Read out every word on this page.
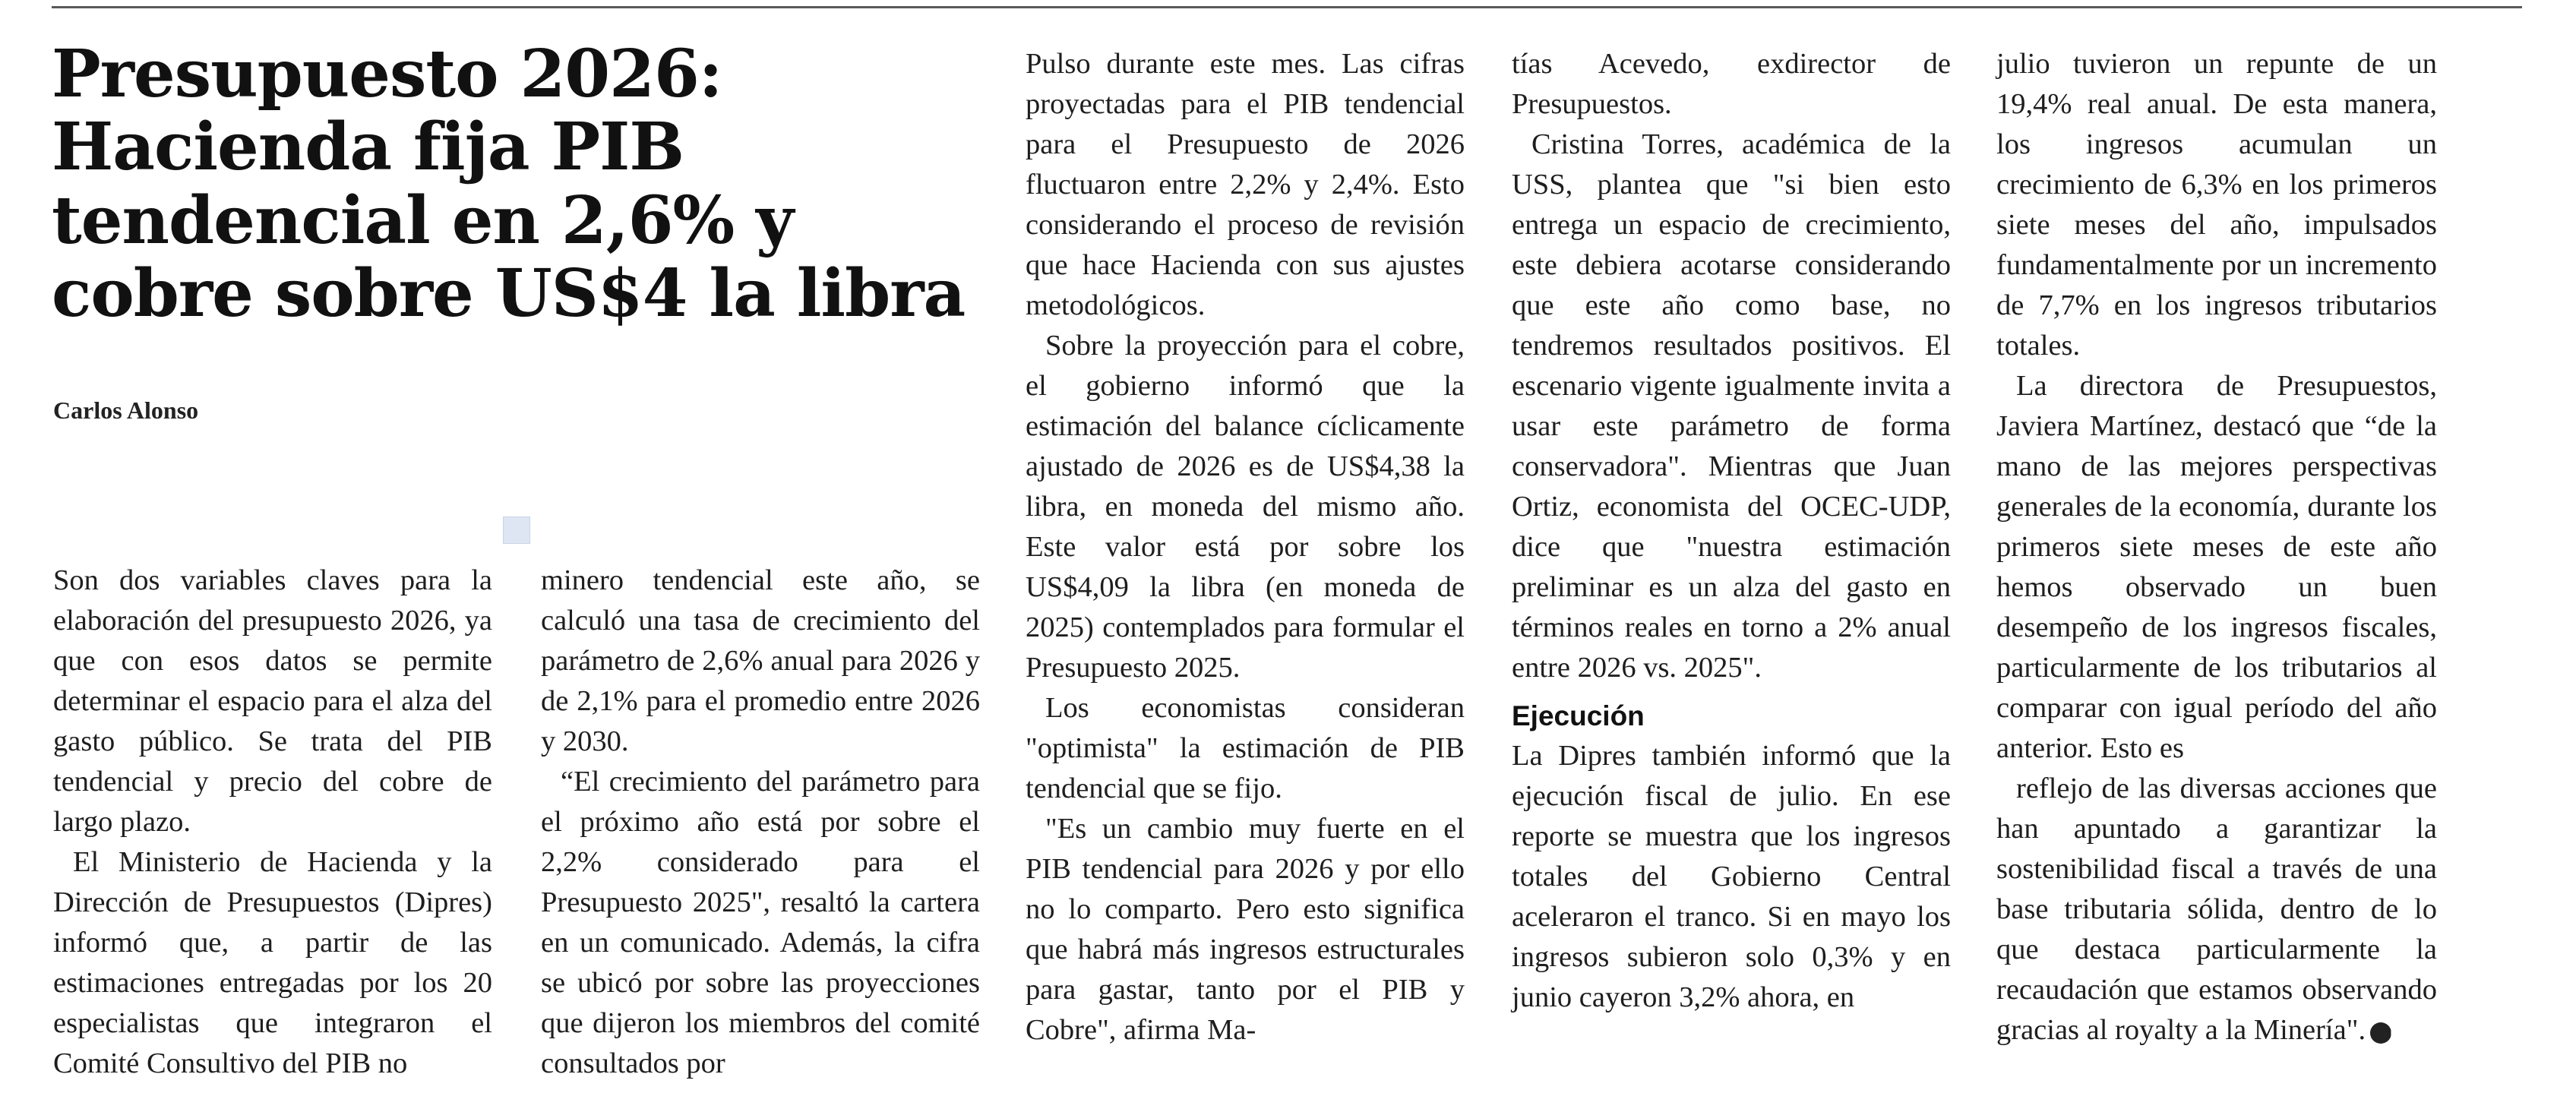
Presupuesto 2026: Hacienda fija PIB tendencial en 2,6% y cobre sobre US$4 la libra

Carlos Alonso

Son dos variables claves para la elaboración del presupuesto 2026, ya que con esos datos se permite determinar el espacio para el alza del gasto público. Se trata del PIB tendencial y precio del cobre de largo plazo.

El Ministerio de Hacienda y la Dirección de Presupuestos (Dipres) informó que, a partir de las estimaciones entregadas por los 20 especialistas que integraron el Comité Consultivo del PIB no

minero tendencial este año, se calculó una tasa de crecimiento del parámetro de 2,6% anual para 2026 y de 2,1% para el promedio entre 2026 y 2030.

“El crecimiento del parámetro para el próximo año está por sobre el 2,2% considerado para el Presupuesto 2025", resaltó la cartera en un comunicado. Además, la cifra se ubicó por sobre las proyecciones que dijeron los miembros del comité consultados por

Pulso durante este mes. Las cifras proyectadas para el PIB tendencial para el Presupuesto de 2026 fluctuaron entre 2,2% y 2,4%. Esto considerando el proceso de revisión que hace Hacienda con sus ajustes metodológicos.

Sobre la proyección para el cobre, el gobierno informó que la estimación del balance cíclicamente ajustado de 2026 es de US$4,38 la libra, en moneda del mismo año. Este valor está por sobre los US$4,09 la libra (en moneda de 2025) contemplados para formular el Presupuesto 2025.

Los economistas consideran "optimista" la estimación de PIB tendencial que se fijo.

"Es un cambio muy fuerte en el PIB tendencial para 2026 y por ello no lo comparto. Pero esto significa que habrá más ingresos estructurales para gastar, tanto por el PIB y Cobre", afirma Ma-

tías Acevedo, exdirector de Presupuestos.

Cristina Torres, académica de la USS, plantea que "si bien esto entrega un espacio de crecimiento, este debiera acotarse considerando que este año como base, no tendremos resultados positivos. El escenario vigente igualmente invita a usar este parámetro de forma conservadora". Mientras que Juan Ortiz, economista del OCEC-UDP, dice que "nuestra estimación preliminar es un alza del gasto en términos reales en torno a 2% anual entre 2026 vs. 2025".

Ejecución

La Dipres también informó que la ejecución fiscal de julio. En ese reporte se muestra que los ingresos totales del Gobierno Central aceleraron el tranco. Si en mayo los ingresos subieron solo 0,3% y en junio cayeron 3,2% ahora, en

julio tuvieron un repunte de un 19,4% real anual. De esta manera, los ingresos acumulan un crecimiento de 6,3% en los primeros siete meses del año, impulsados fundamentalmente por un incremento de 7,7% en los ingresos tributarios totales.

La directora de Presupuestos, Javiera Martínez, destacó que “de la mano de las mejores perspectivas generales de la economía, durante los primeros siete meses de este año hemos observado un buen desempeño de los ingresos fiscales, particularmente de los tributarios al comparar con igual período del año anterior. Esto es

reflejo de las diversas acciones que han apuntado a garantizar la sostenibilidad fiscal a través de una base tributaria sólida, dentro de lo que destaca particularmente la recaudación que estamos observando gracias al royalty a la Minería". P
